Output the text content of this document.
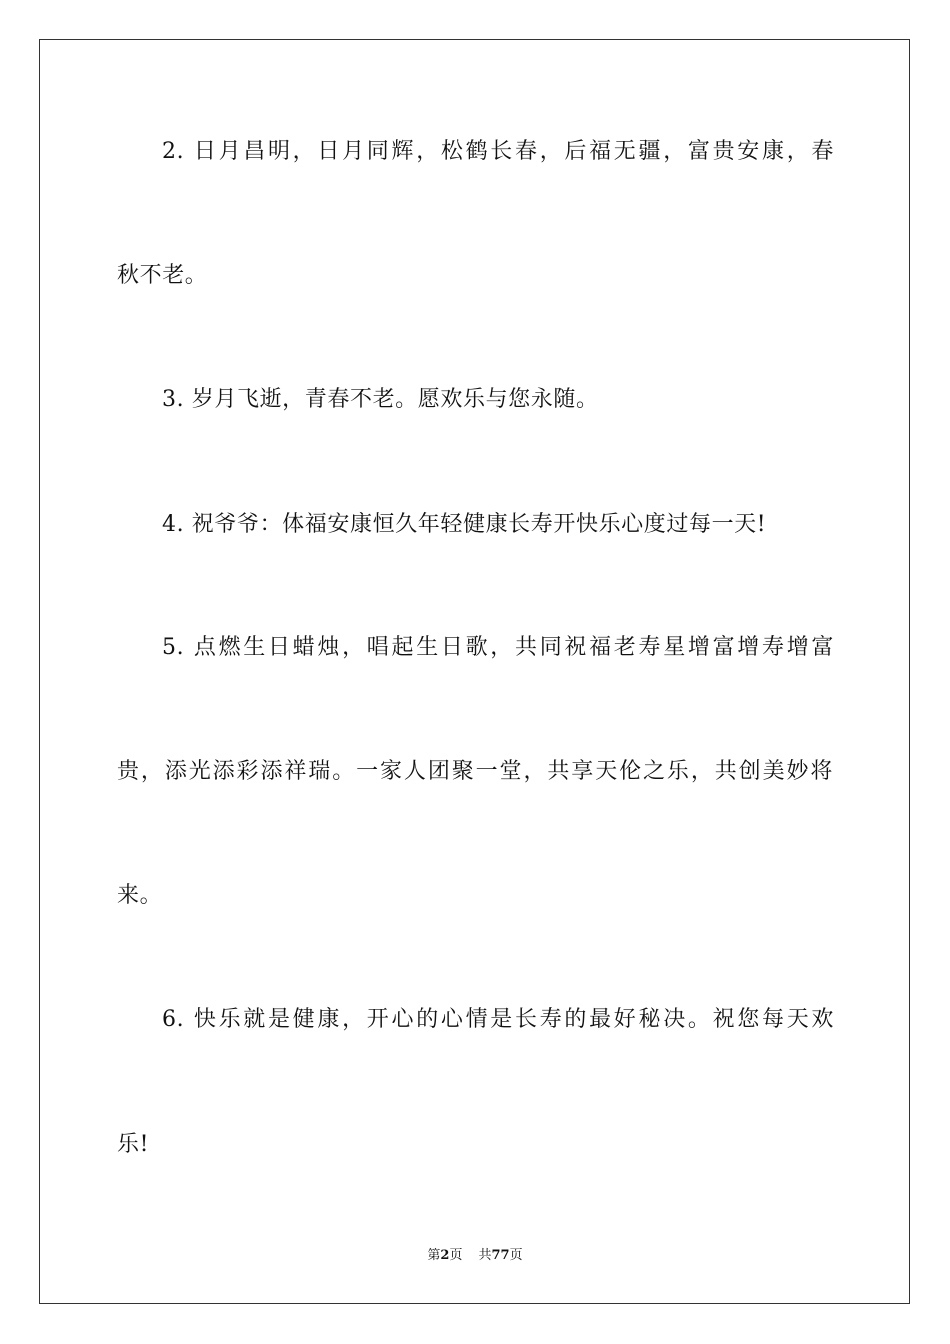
2. 日月昌明，日月同辉，松鹤长春，后福无疆，富贵安康，春
秋不老。
3. 岁月飞逝，青春不老。愿欢乐与您永随。
4. 祝爷爷：体福安康恒久年轻健康长寿开快乐心度过每一天!
5. 点燃生日蜡烛，唱起生日歌，共同祝福老寿星增富增寿增富
贵，添光添彩添祥瑞。一家人团聚一堂，共享天伦之乐，共创美妙将
来。
6. 快乐就是健康，开心的心情是长寿的最好秘决。祝您每天欢
乐!
第2页 共77页
